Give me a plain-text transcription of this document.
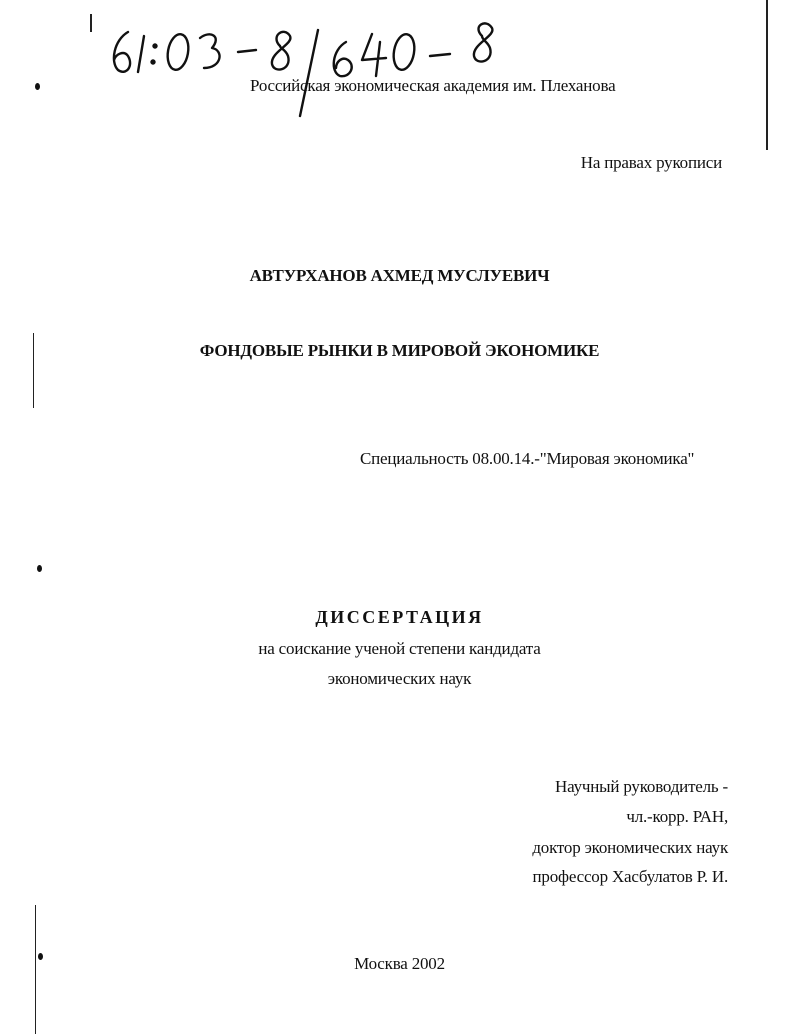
Российская экономическая академия им. Плеханова
На правах рукописи
АВТУРХАНОВ АХМЕД МУСЛУЕВИЧ
ФОНДОВЫЕ РЫНКИ В МИРОВОЙ ЭКОНОМИКЕ
Специальность 08.00.14.-"Мировая экономика"
ДИССЕРТАЦИЯ
на соискание ученой степени кандидата
экономических наук
Научный руководитель -
чл.-корр. РАН,
доктор экономических наук
профессор Хасбулатов Р. И.
Москва 2002
